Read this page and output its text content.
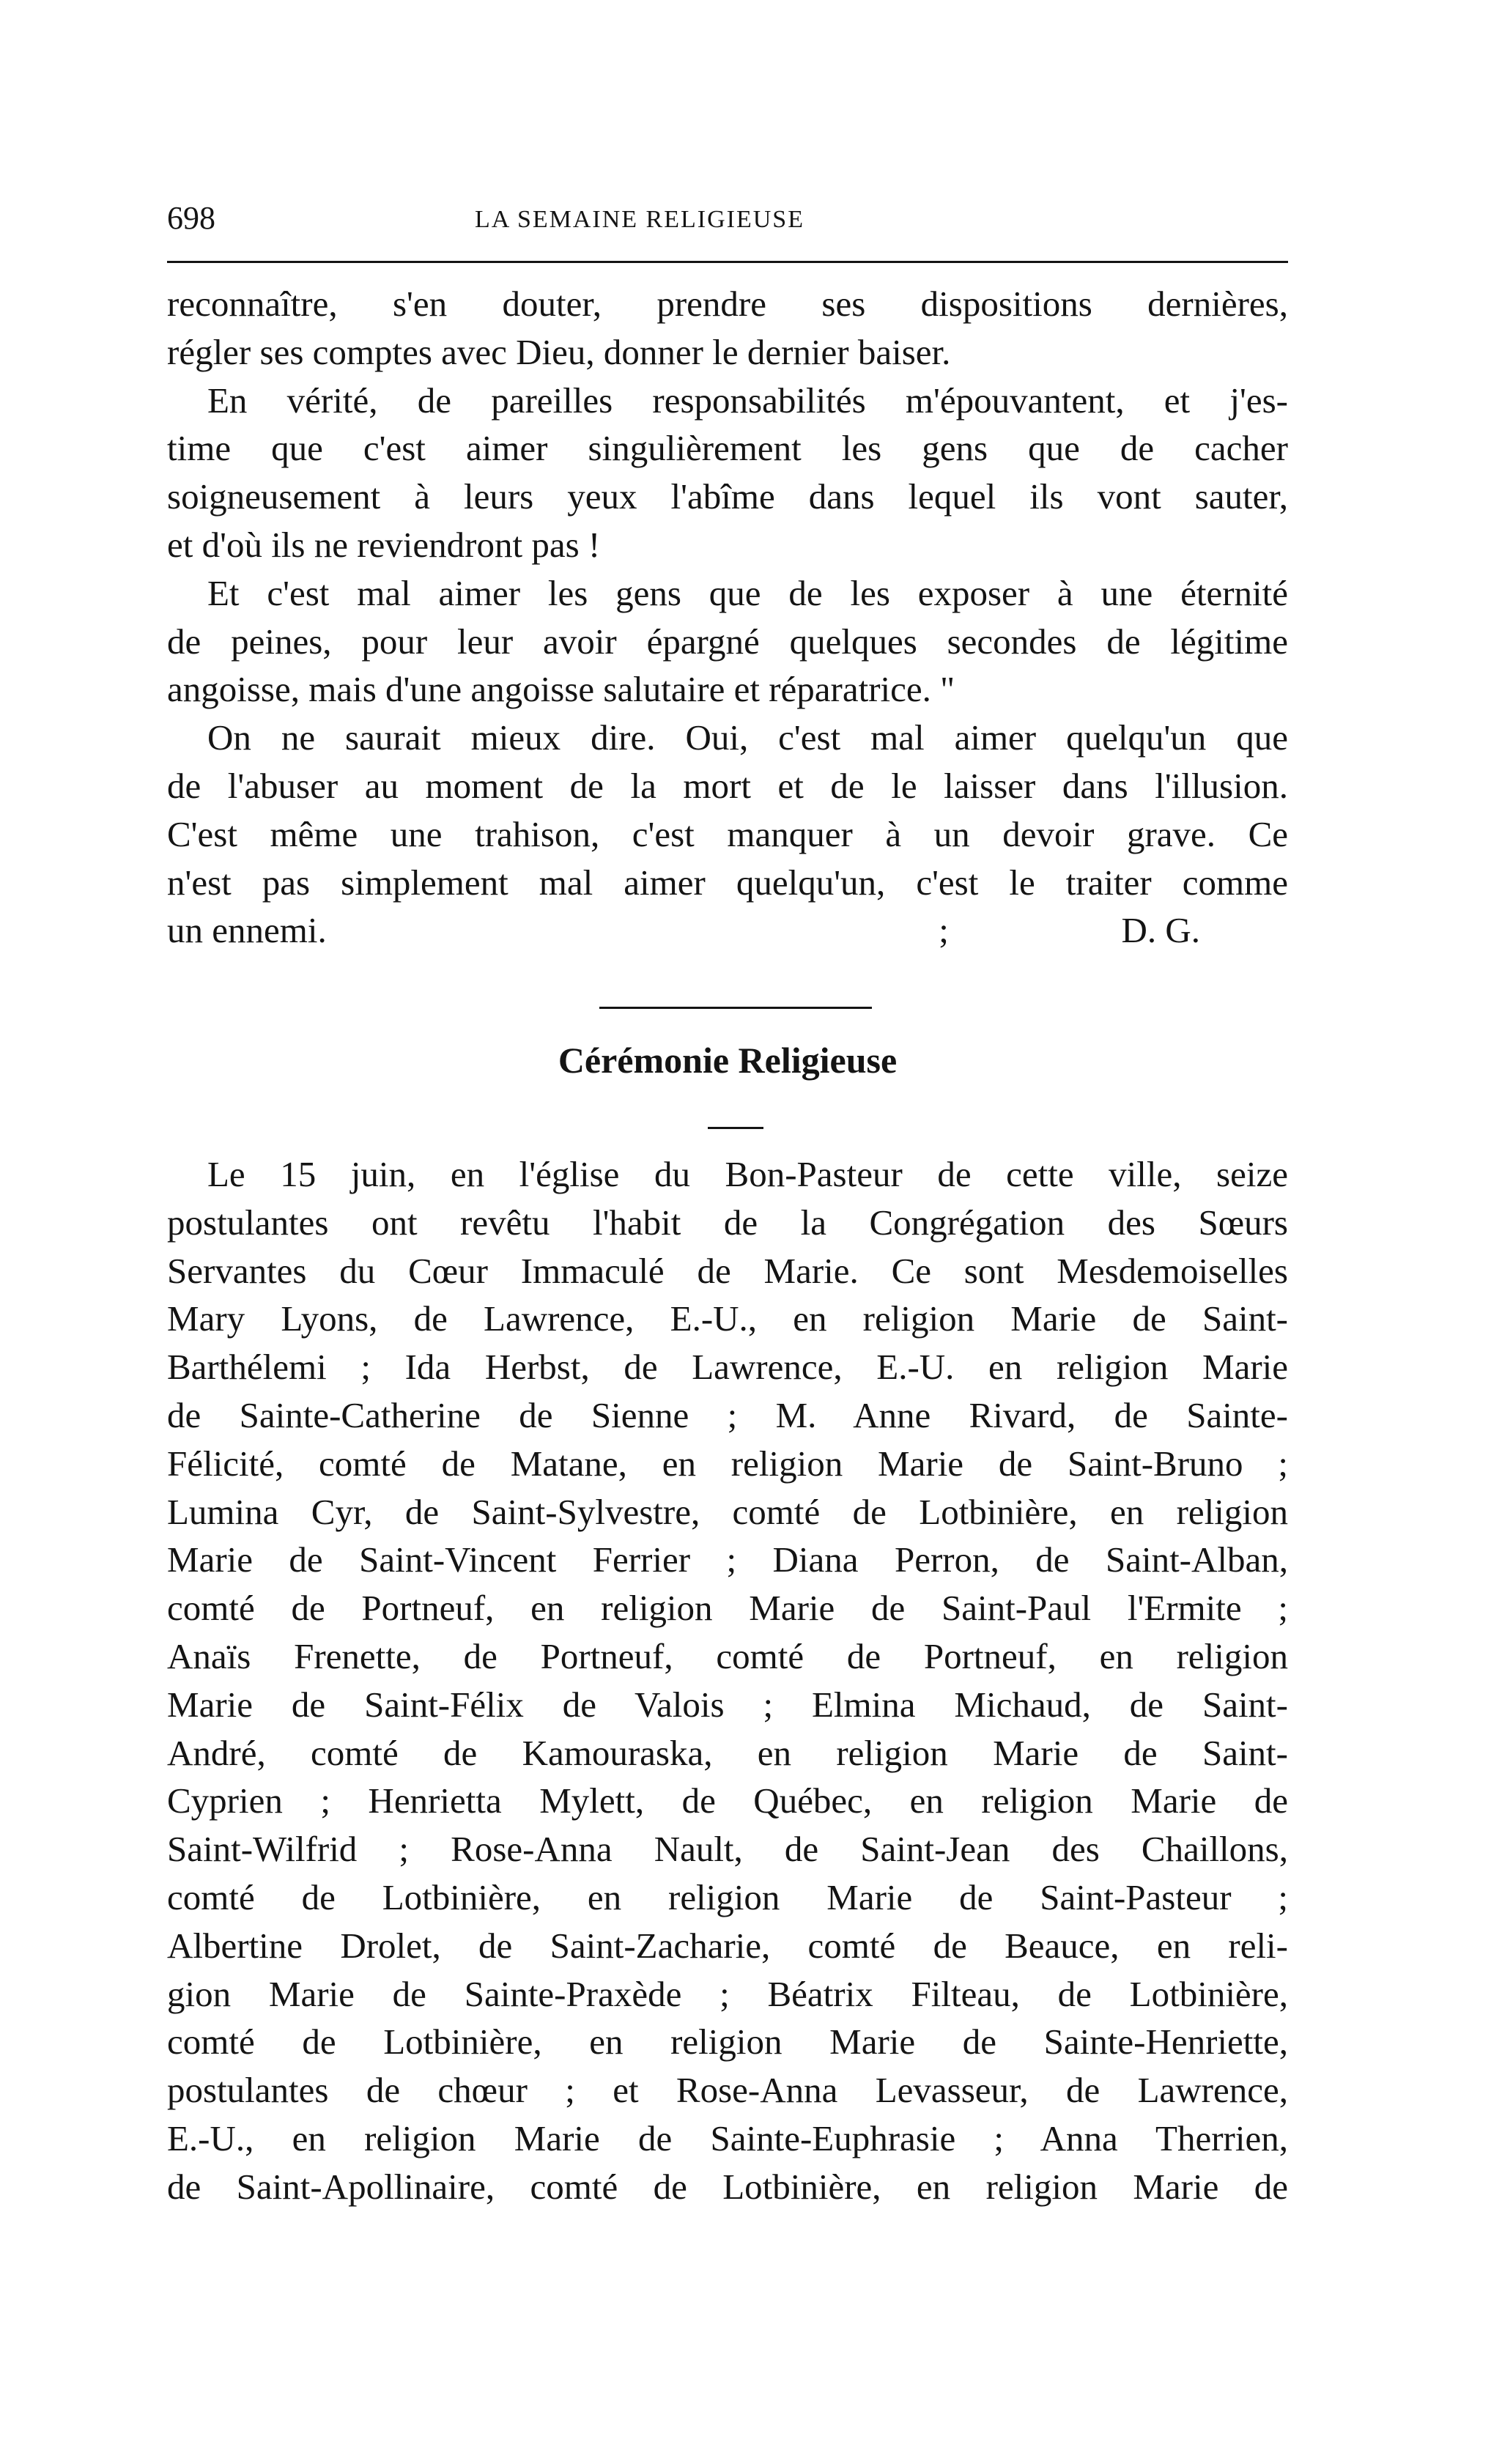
698	LA SEMAINE RELIGIEUSE
reconnaître, s'en douter, prendre ses dispositions dernières,
régler ses comptes avec Dieu, donner le dernier baiser.
En vérité, de pareilles responsabilités m'épouvantent, et j'es-
time que c'est aimer singulièrement les gens que de cacher
soigneusement à leurs yeux l'abîme dans lequel ils vont sauter,
et d'où ils ne reviendront pas !
Et c'est mal aimer les gens que de les exposer à une éternité
de peines, pour leur avoir épargné quelques secondes de légitime
angoisse, mais d'une angoisse salutaire et réparatrice. "
On ne saurait mieux dire. Oui, c'est mal aimer quelqu'un que
de l'abuser au moment de la mort et de le laisser dans l'illusion.
C'est même une trahison, c'est manquer à un devoir grave. Ce
n'est pas simplement mal aimer quelqu'un, c'est le traiter comme
un ennemi.	;	D. G.
Cérémonie Religieuse
Le 15 juin, en l'église du Bon-Pasteur de cette ville, seize
postulantes ont revêtu l'habit de la Congrégation des Sœurs
Servantes du Cœur Immaculé de Marie. Ce sont Mesdemoiselles
Mary Lyons, de Lawrence, E.-U., en religion Marie de Saint-
Barthélemi ; Ida Herbst, de Lawrence, E.-U. en religion Marie
de Sainte-Catherine de Sienne ; M. Anne Rivard, de Sainte-
Félicité, comté de Matane, en religion Marie de Saint-Bruno ;
Lumina Cyr, de Saint-Sylvestre, comté de Lotbinière, en religion
Marie de Saint-Vincent Ferrier ; Diana Perron, de Saint-Alban,
comté de Portneuf, en religion Marie de Saint-Paul l'Ermite ;
Anaïs Frenette, de Portneuf, comté de Portneuf, en religion
Marie de Saint-Félix de Valois ; Elmina Michaud, de Saint-
André, comté de Kamouraska, en religion Marie de Saint-
Cyprien ; Henrietta Mylett, de Québec, en religion Marie de
Saint-Wilfrid ; Rose-Anna Nault, de Saint-Jean des Chaillons,
comté de Lotbinière, en religion Marie de Saint-Pasteur ;
Albertine Drolet, de Saint-Zacharie, comté de Beauce, en reli-
gion Marie de Sainte-Praxède ; Béatrix Filteau, de Lotbinière,
comté de Lotbinière, en religion Marie de Sainte-Henriette,
postulantes de chœur ; et Rose-Anna Levasseur, de Lawrence,
E.-U., en religion Marie de Sainte-Euphrasie ; Anna Therrien,
de Saint-Apollinaire, comté de Lotbinière, en religion Marie de
